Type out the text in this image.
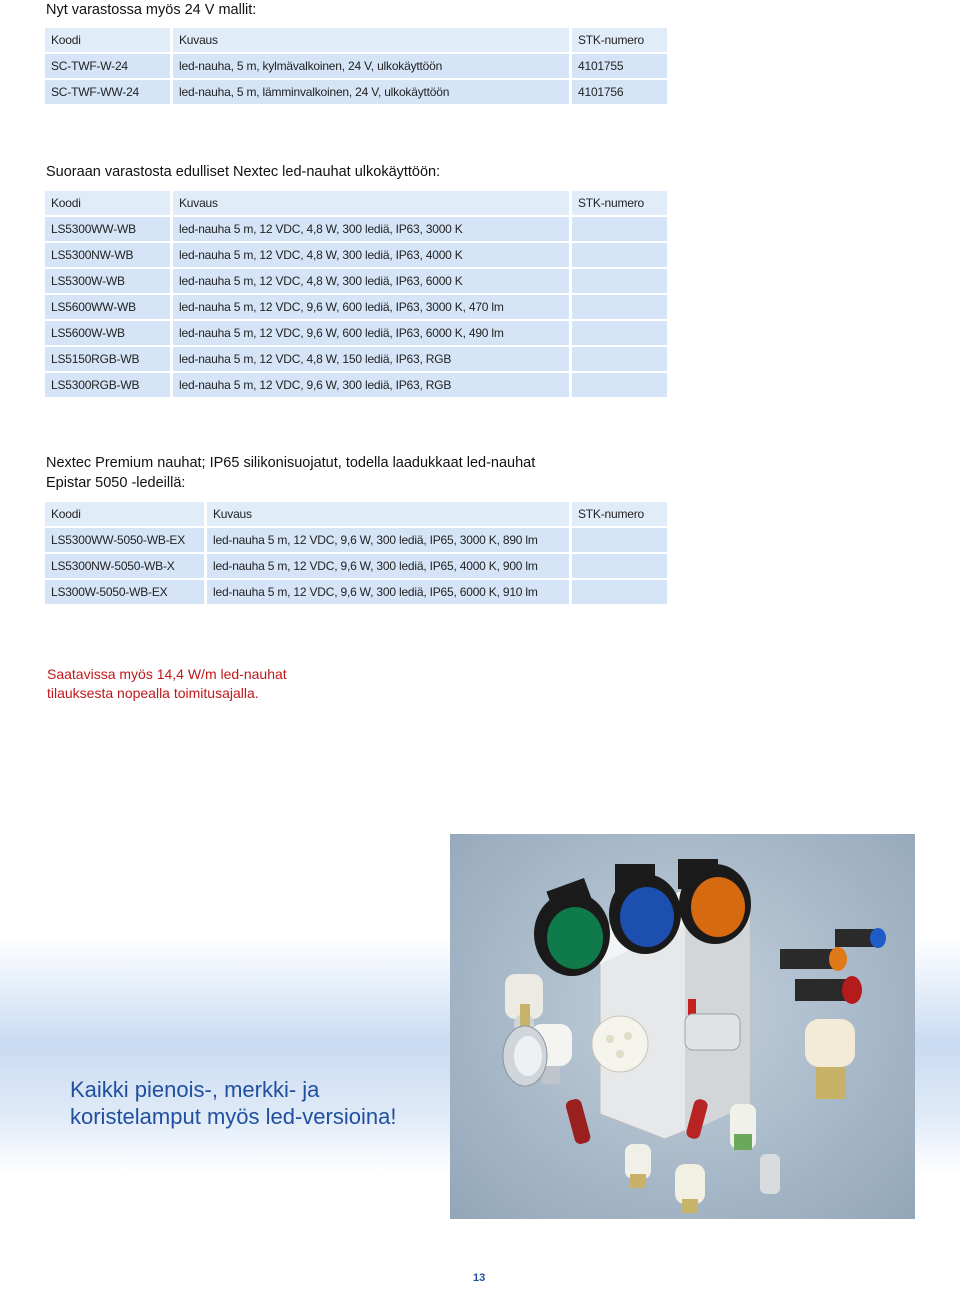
Nyt varastossa myös 24 V mallit:
Koodi	Kuvaus	STK-numero
SC-TWF-W-24	led-nauha, 5 m, kylmävalkoinen, 24 V, ulkokäyttöön	4101755
SC-TWF-WW-24	led-nauha, 5 m, lämminvalkoinen, 24 V, ulkokäyttöön	4101756
Suoraan varastosta edulliset Nextec led-nauhat ulkokäyttöön:
Koodi	Kuvaus	STK-numero
LS5300WW-WB	led-nauha 5 m, 12 VDC, 4,8 W, 300 lediä, IP63, 3000 K	
LS5300NW-WB	led-nauha 5 m, 12 VDC, 4,8 W, 300 lediä, IP63, 4000 K	
LS5300W-WB	led-nauha 5 m, 12 VDC, 4,8 W, 300 lediä, IP63, 6000 K	
LS5600WW-WB	led-nauha 5 m, 12 VDC, 9,6 W, 600 lediä, IP63, 3000 K, 470 lm	
LS5600W-WB	led-nauha 5 m, 12 VDC, 9,6 W, 600 lediä, IP63, 6000 K, 490 lm	
LS5150RGB-WB	led-nauha 5 m, 12 VDC, 4,8 W, 150 lediä, IP63, RGB	
LS5300RGB-WB	led-nauha 5 m, 12 VDC, 9,6 W, 300 lediä, IP63, RGB	
Nextec Premium nauhat; IP65 silikonisuojatut, todella laadukkaat led-nauhat
Epistar 5050 -ledeillä:
Koodi	Kuvaus	STK-numero
LS5300WW-5050-WB-EX	led-nauha 5 m, 12 VDC, 9,6 W, 300 lediä, IP65, 3000 K, 890 lm	
LS5300NW-5050-WB-X	led-nauha 5 m, 12 VDC, 9,6 W, 300 lediä, IP65, 4000 K, 900 lm	
LS300W-5050-WB-EX	led-nauha 5 m, 12 VDC, 9,6 W, 300 lediä, IP65, 6000 K, 910 lm	
Saatavissa myös 14,4 W/m led-nauhat
tilauksesta nopealla toimitusajalla.
Kaikki pienois-, merkki- ja
koristelamput myös led-versioina!
13
